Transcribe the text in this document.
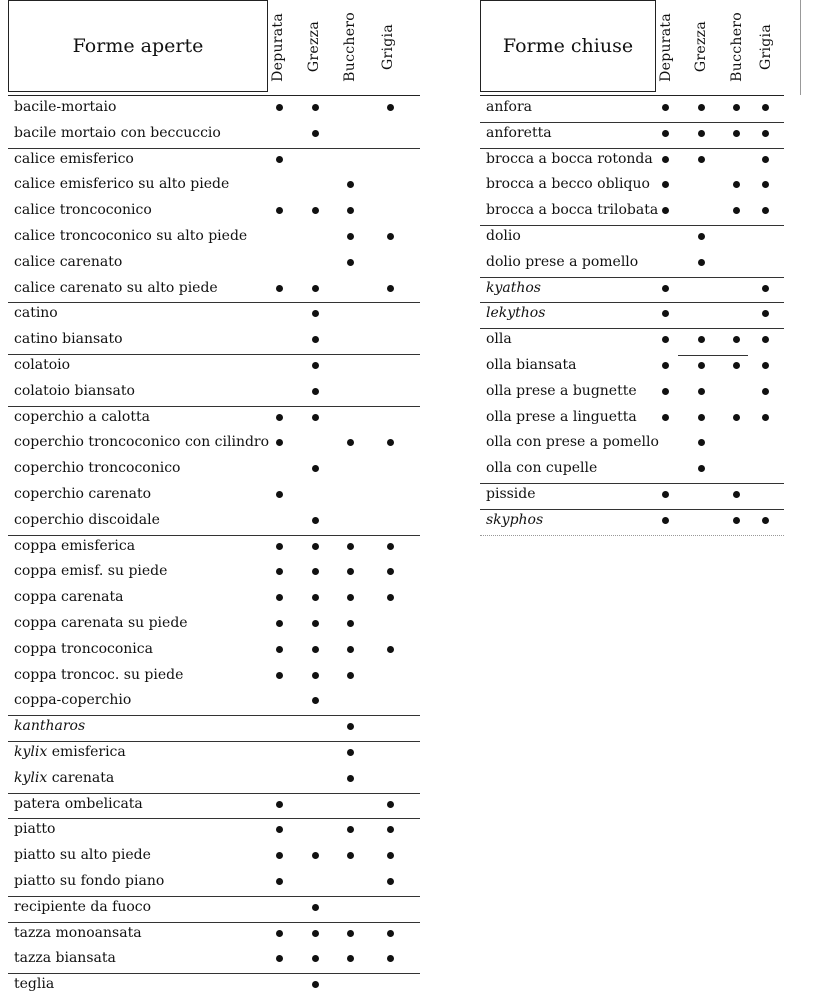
Forme aperte	Depurata Grezza Bucchero Grigia
bacile-mortaio
bacile mortaio con beccuccio
calice emisferico
calice emisferico su alto piede
calice troncoconico
calice troncoconico su alto piede
calice carenato
calice carenato su alto piede
catino
catino biansato
colatoio
colatoio biansato
coperchio a calotta
coperchio troncoconico con cilindro
coperchio troncoconico
coperchio carenato
coperchio discoidale
coppa emisferica
coppa emisf. su piede
coppa carenata
coppa carenata su piede
coppa troncoconica
coppa troncoc. su piede
coppa-coperchio
kantharos
kylix emisferica
kylix carenata
patera ombelicata
piatto
piatto su alto piede
piatto su fondo piano
recipiente da fuoco
tazza monoansata
tazza biansata
teglia
Forme chiuse	Depurata Grezza Bucchero Grigia
anfora
anforetta
brocca a bocca rotonda
brocca a becco obliquo
brocca a bocca trilobata
dolio
dolio prese a pomello
kyathos
lekythos
olla
olla biansata
olla prese a bugnette
olla prese a linguetta
olla con prese a pomello
olla con cupelle
pisside
skyphos
